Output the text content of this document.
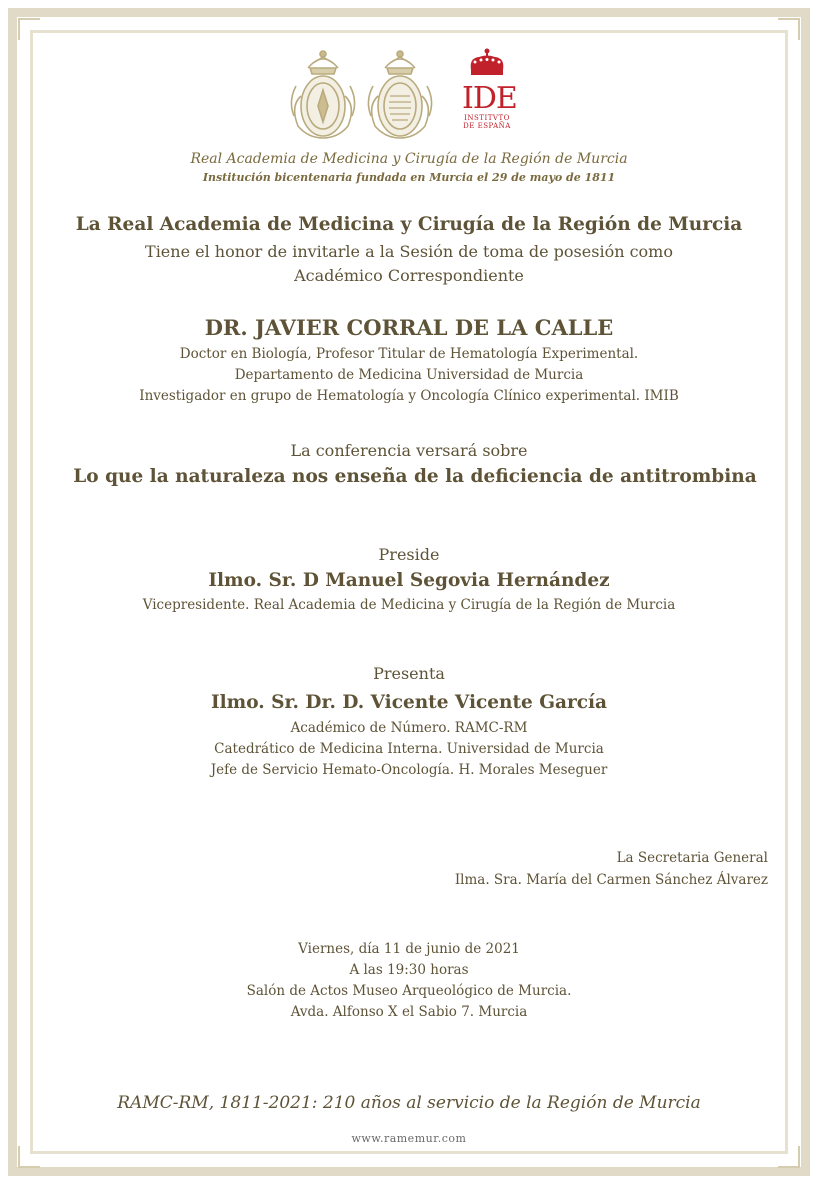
IDE
INSTITVTO
DE ESPAÑA
Real Academia de Medicina y Cirugía de la Región de Murcia
Institución bicentenaria fundada en Murcia el 29 de mayo de 1811
La Real Academia de Medicina y Cirugía de la Región de Murcia
Tiene el honor de invitarle a la Sesión de toma de posesión como
Académico Correspondiente
DR. JAVIER CORRAL DE LA CALLE
Doctor en Biología, Profesor Titular de Hematología Experimental.
Departamento de Medicina Universidad de Murcia
Investigador en grupo de Hematología y Oncología Clínico experimental. IMIB
La conferencia versará sobre
Lo que la naturaleza nos enseña de la deficiencia de antitrombina
Preside
Ilmo. Sr. D Manuel Segovia Hernández
Vicepresidente. Real Academia de Medicina y Cirugía de la Región de Murcia
Presenta
Ilmo. Sr. Dr. D. Vicente Vicente García
Académico de Número. RAMC-RM
Catedrático de Medicina Interna. Universidad de Murcia
Jefe de Servicio Hemato-Oncología. H. Morales Meseguer
La Secretaria General
Ilma. Sra. María del Carmen Sánchez Álvarez
Viernes, día 11 de junio de 2021
A las 19:30 horas
Salón de Actos Museo Arqueológico de Murcia.
Avda. Alfonso X el Sabio 7. Murcia
RAMC-RM, 1811-2021: 210 años al servicio de la Región de Murcia
www.ramemur.com
